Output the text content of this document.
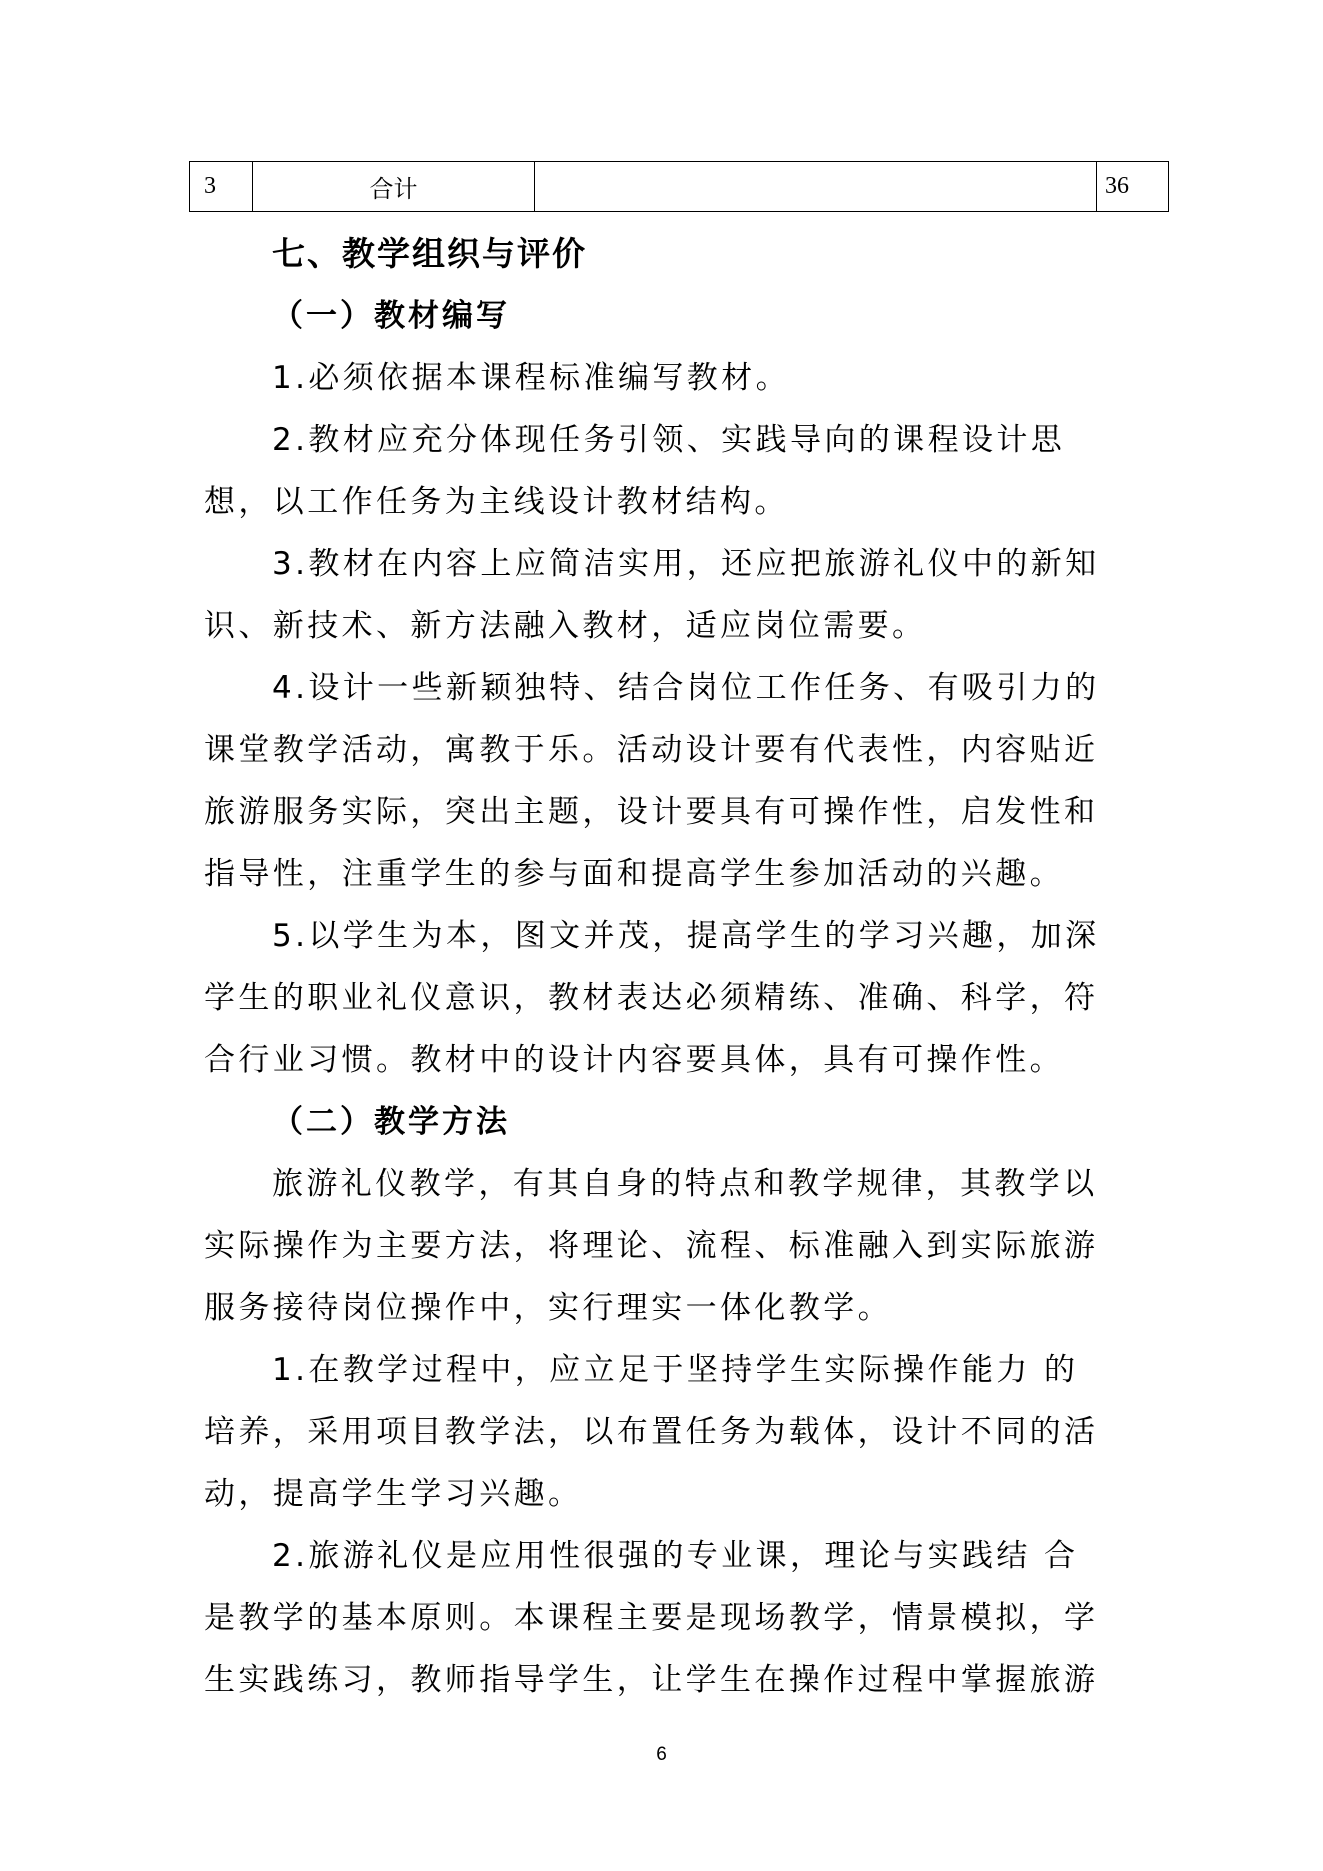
3	合计		36
七、教学组织与评价
（一）教材编写
1.必须依据本课程标准编写教材。
2.教材应充分体现任务引领、实践导向的课程设计思
想，以工作任务为主线设计教材结构。
3.教材在内容上应简洁实用，还应把旅游礼仪中的新知
识、新技术、新方法融入教材，适应岗位需要。
4.设计一些新颖独特、结合岗位工作任务、有吸引力的
课堂教学活动，寓教于乐。活动设计要有代表性，内容贴近
旅游服务实际，突出主题，设计要具有可操作性，启发性和
指导性，注重学生的参与面和提高学生参加活动的兴趣。
5.以学生为本，图文并茂，提高学生的学习兴趣，加深
学生的职业礼仪意识，教材表达必须精练、准确、科学，符
合行业习惯。教材中的设计内容要具体，具有可操作性。
（二）教学方法
旅游礼仪教学，有其自身的特点和教学规律，其教学以
实际操作为主要方法，将理论、流程、标准融入到实际旅游
服务接待岗位操作中，实行理实一体化教学。
1.在教学过程中，应立足于坚持学生实际操作能力 的
培养，采用项目教学法，以布置任务为载体，设计不同的活
动，提高学生学习兴趣。
2.旅游礼仪是应用性很强的专业课，理论与实践结 合
是教学的基本原则。本课程主要是现场教学，情景模拟，学
生实践练习，教师指导学生，让学生在操作过程中掌握旅游
6
